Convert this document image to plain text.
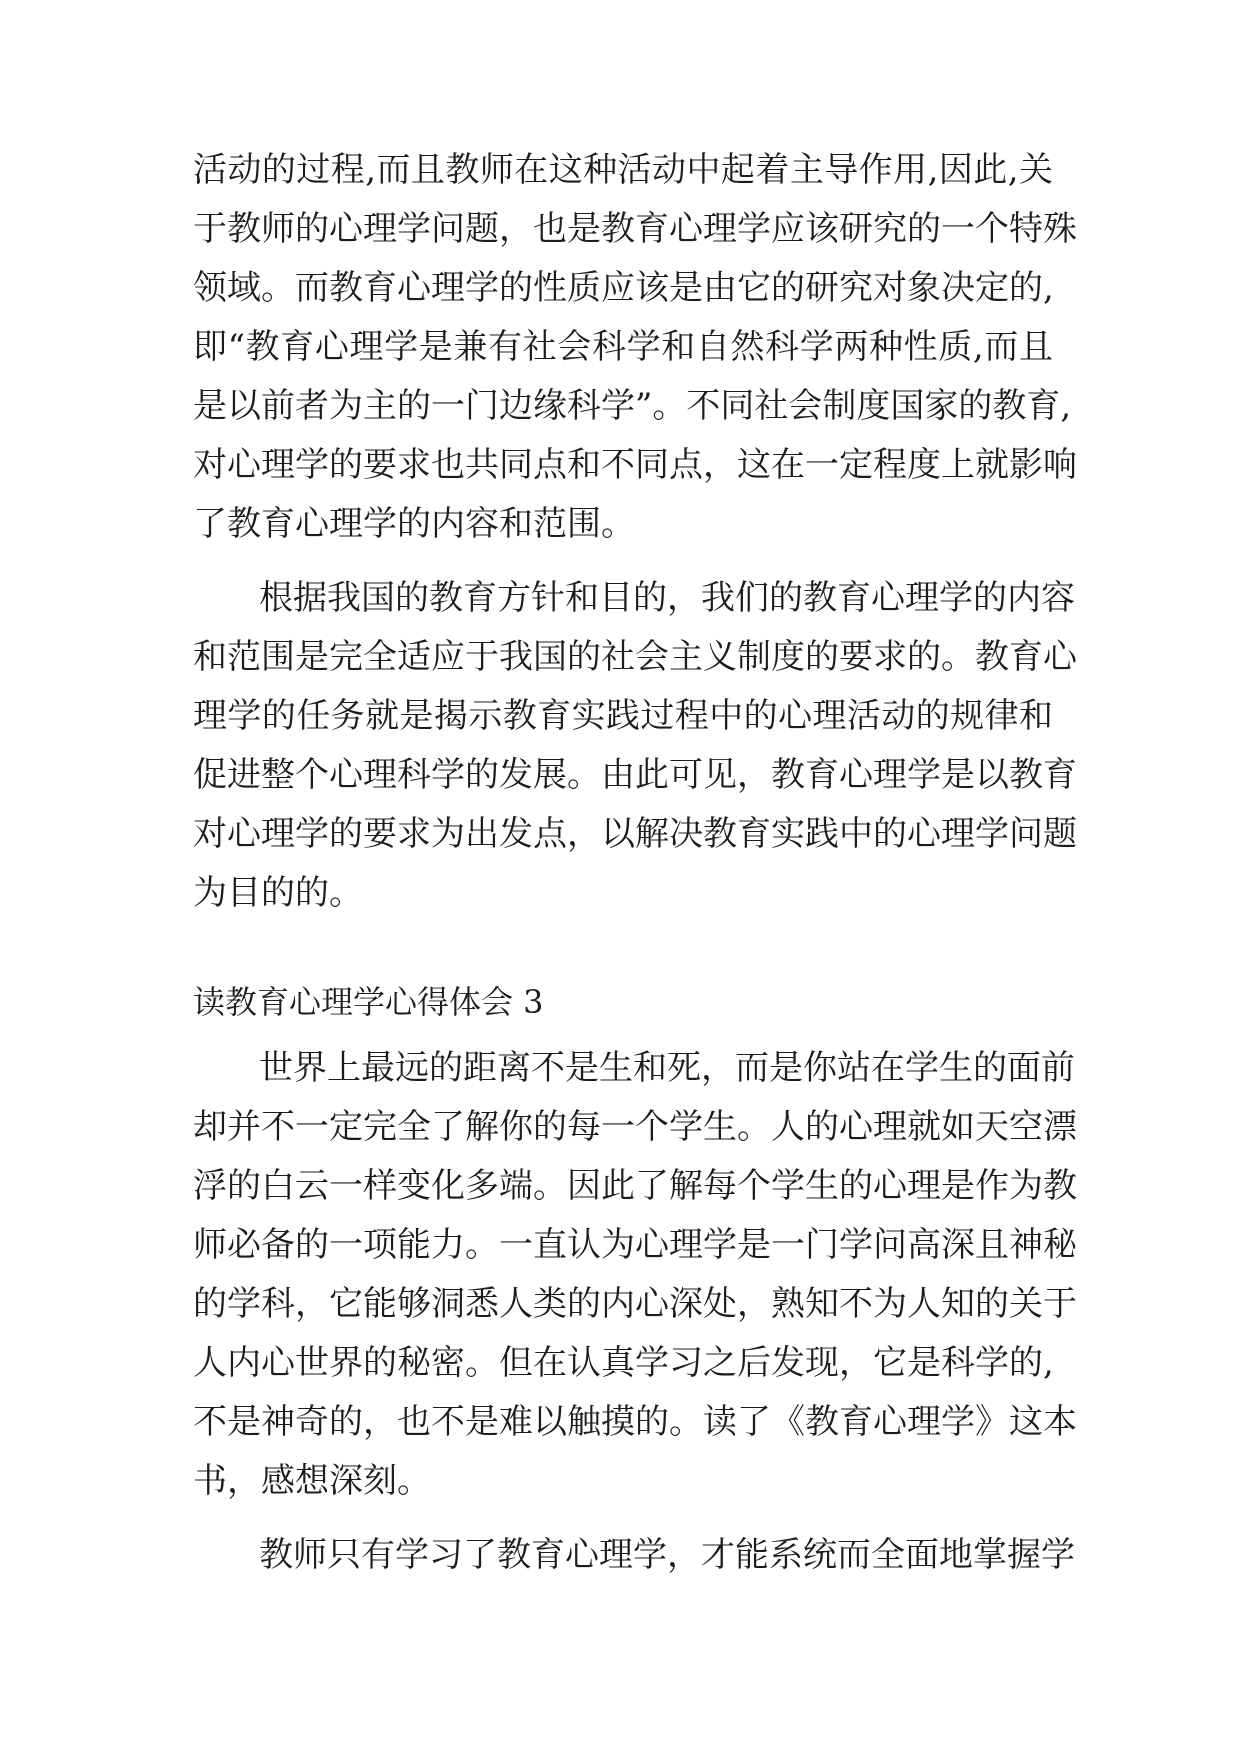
活动的过程,而且教师在这种活动中起着主导作用,因此,关
于教师的心理学问题，也是教育心理学应该研究的一个特殊
领域。而教育心理学的性质应该是由它的研究对象决定的,
即“教育心理学是兼有社会科学和自然科学两种性质,而且
是以前者为主的一门边缘科学”。不同社会制度国家的教育,
对心理学的要求也共同点和不同点，这在一定程度上就影响
了教育心理学的内容和范围。
根据我国的教育方针和目的，我们的教育心理学的内容
和范围是完全适应于我国的社会主义制度的要求的。教育心
理学的任务就是揭示教育实践过程中的心理活动的规律和
促进整个心理科学的发展。由此可见，教育心理学是以教育
对心理学的要求为出发点，以解决教育实践中的心理学问题
为目的的。
读教育心理学心得体会 3
世界上最远的距离不是生和死，而是你站在学生的面前
却并不一定完全了解你的每一个学生。人的心理就如天空漂
浮的白云一样变化多端。因此了解每个学生的心理是作为教
师必备的一项能力。一直认为心理学是一门学问高深且神秘
的学科，它能够洞悉人类的内心深处，熟知不为人知的关于
人内心世界的秘密。但在认真学习之后发现，它是科学的,
不是神奇的，也不是难以触摸的。读了《教育心理学》这本
书，感想深刻。
教师只有学习了教育心理学，才能系统而全面地掌握学
